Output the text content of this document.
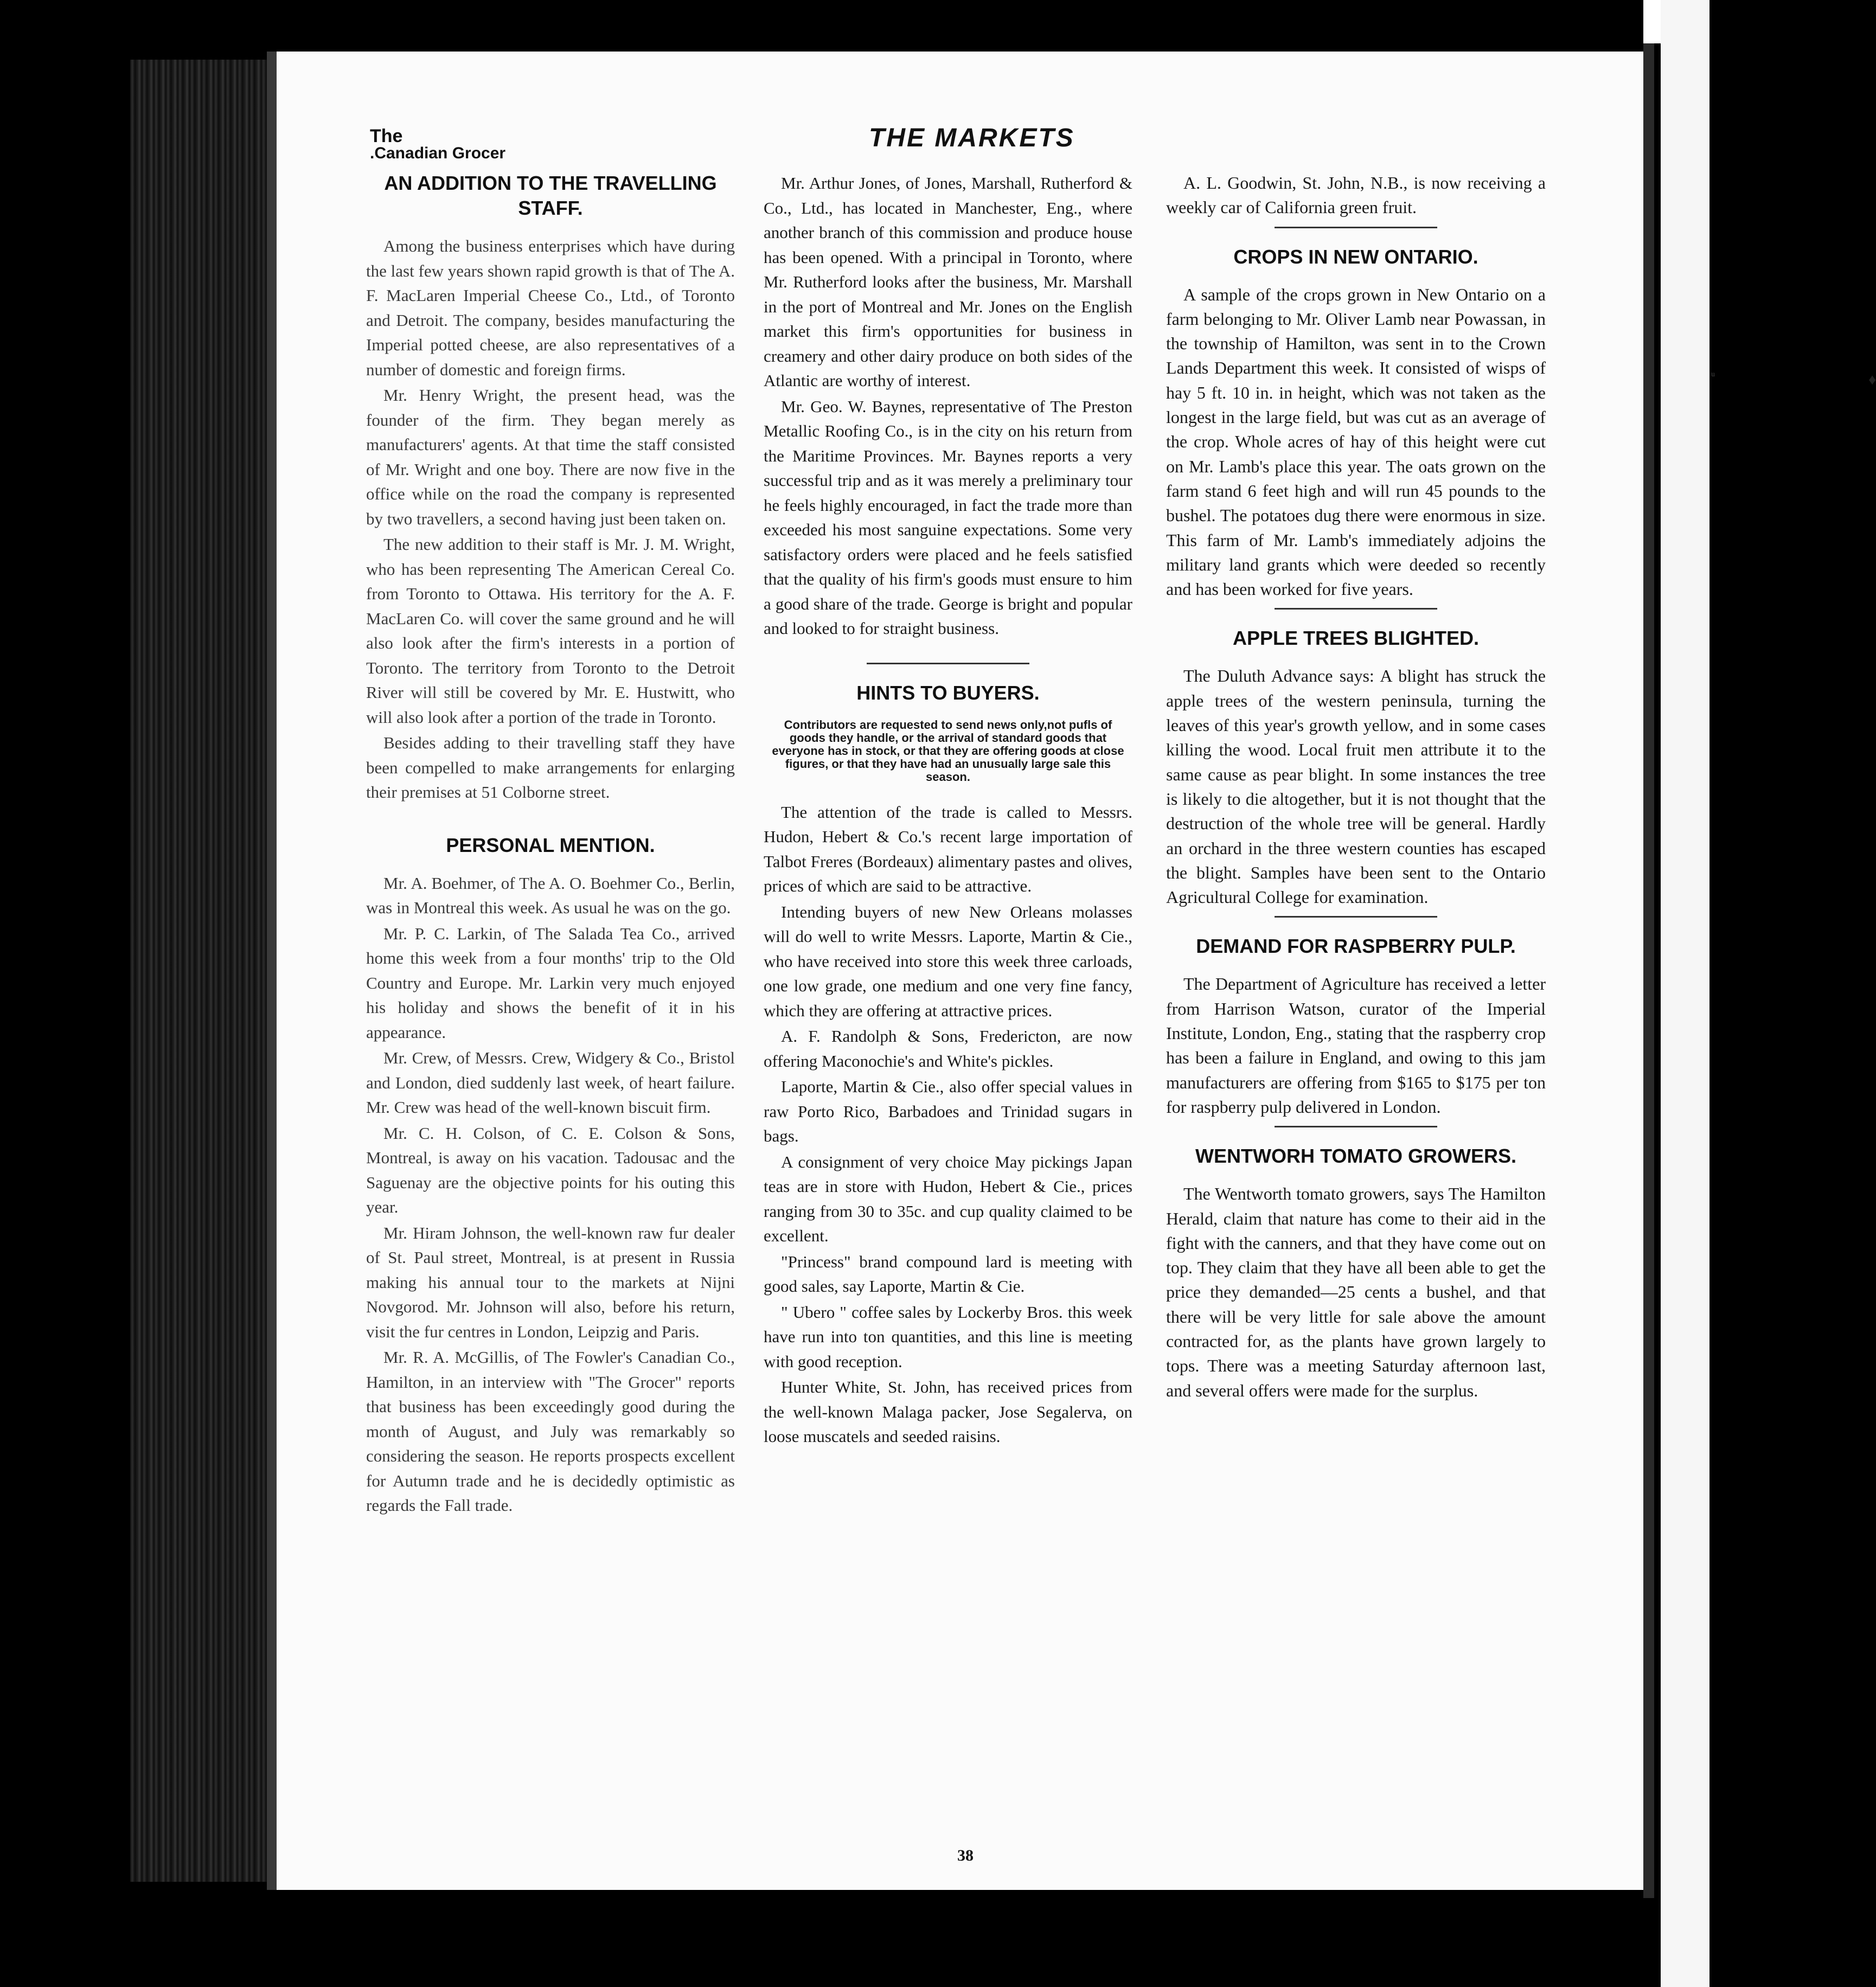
The
.Canadian Grocer
THE MARKETS
AN ADDITION TO THE TRAVELLING STAFF.

Among the business enterprises which have during the last few years shown rapid growth is that of The A. F. MacLaren Imperial Cheese Co., Ltd., of Toronto and Detroit. The company, besides manufacturing the Imperial potted cheese, are also representatives of a number of domestic and foreign firms.

Mr. Henry Wright, the present head, was the founder of the firm. They began merely as manufacturers' agents. At that time the staff consisted of Mr. Wright and one boy. There are now five in the office while on the road the company is represented by two travellers, a second having just been taken on.

The new addition to their staff is Mr. J. M. Wright, who has been representing The American Cereal Co. from Toronto to Ottawa. His territory for the A. F. MacLaren Co. will cover the same ground and he will also look after the firm's interests in a portion of Toronto. The territory from Toronto to the Detroit River will still be covered by Mr. E. Hustwitt, who will also look after a portion of the trade in Toronto.

Besides adding to their travelling staff they have been compelled to make arrangements for enlarging their premises at 51 Colborne street.

PERSONAL MENTION.

Mr. A. Boehmer, of The A. O. Boehmer Co., Berlin, was in Montreal this week. As usual he was on the go.

Mr. P. C. Larkin, of The Salada Tea Co., arrived home this week from a four months' trip to the Old Country and Europe. Mr. Larkin very much enjoyed his holiday and shows the benefit of it in his appearance.

Mr. Crew, of Messrs. Crew, Widgery & Co., Bristol and London, died suddenly last week, of heart failure. Mr. Crew was head of the well-known biscuit firm.

Mr. C. H. Colson, of C. E. Colson & Sons, Montreal, is away on his vacation. Tadousac and the Saguenay are the objective points for his outing this year.

Mr. Hiram Johnson, the well-known raw fur dealer of St. Paul street, Montreal, is at present in Russia making his annual tour to the markets at Nijni Novgorod. Mr. Johnson will also, before his return, visit the fur centres in London, Leipzig and Paris.

Mr. R. A. McGillis, of The Fowler's Canadian Co., Hamilton, in an interview with "The Grocer" reports that business has been exceedingly good during the month of August, and July was remarkably so considering the season. He reports prospects excellent for Autumn trade and he is decidedly optimistic as regards the Fall trade.

Mr. Arthur Jones, of Jones, Marshall, Rutherford & Co., Ltd., has located in Manchester, Eng., where another branch of this commission and produce house has been opened. With a principal in Toronto, where Mr. Rutherford looks after the business, Mr. Marshall in the port of Montreal and Mr. Jones on the English market this firm's opportunities for business in creamery and other dairy produce on both sides of the Atlantic are worthy of interest.

Mr. Geo. W. Baynes, representative of The Preston Metallic Roofing Co., is in the city on his return from the Maritime Provinces. Mr. Baynes reports a very successful trip and as it was merely a preliminary tour he feels highly encouraged, in fact the trade more than exceeded his most sanguine expectations. Some very satisfactory orders were placed and he feels satisfied that the quality of his firm's goods must ensure to him a good share of the trade. George is bright and popular and looked to for straight business.

HINTS TO BUYERS.
Contributors are requested to send news only,not pufls of goods they handle, or the arrival of standard goods that everyone has in stock, or that they are offering goods at close figures, or that they have had an unusually large sale this season.

The attention of the trade is called to Messrs. Hudon, Hebert & Co.'s recent large importation of Talbot Freres (Bordeaux) alimentary pastes and olives, prices of which are said to be attractive.

Intending buyers of new New Orleans molasses will do well to write Messrs. Laporte, Martin & Cie., who have received into store this week three carloads, one low grade, one medium and one very fine fancy, which they are offering at attractive prices.

A. F. Randolph & Sons, Fredericton, are now offering Maconochie's and White's pickles.

Laporte, Martin & Cie., also offer special values in raw Porto Rico, Barbadoes and Trinidad sugars in bags.

A consignment of very choice May pickings Japan teas are in store with Hudon, Hebert & Cie., prices ranging from 30 to 35c. and cup quality claimed to be excellent.

"Princess" brand compound lard is meeting with good sales, say Laporte, Martin & Cie.

" Ubero " coffee sales by Lockerby Bros. this week have run into ton quantities, and this line is meeting with good reception.

Hunter White, St. John, has received prices from the well-known Malaga packer, Jose Segalerva, on loose muscatels and seeded raisins.

A. L. Goodwin, St. John, N.B., is now receiving a weekly car of California green fruit.

CROPS IN NEW ONTARIO.

A sample of the crops grown in New Ontario on a farm belonging to Mr. Oliver Lamb near Powassan, in the township of Hamilton, was sent in to the Crown Lands Department this week. It consisted of wisps of hay 5 ft. 10 in. in height, which was not taken as the longest in the large field, but was cut as an average of the crop. Whole acres of hay of this height were cut on Mr. Lamb's place this year. The oats grown on the farm stand 6 feet high and will run 45 pounds to the bushel. The potatoes dug there were enormous in size. This farm of Mr. Lamb's immediately adjoins the military land grants which were deeded so recently and has been worked for five years.

APPLE TREES BLIGHTED.

The Duluth Advance says: A blight has struck the apple trees of the western peninsula, turning the leaves of this year's growth yellow, and in some cases killing the wood. Local fruit men attribute it to the same cause as pear blight. In some instances the tree is likely to die altogether, but it is not thought that the destruction of the whole tree will be general. Hardly an orchard in the three western counties has escaped the blight. Samples have been sent to the Ontario Agricultural College for examination.

DEMAND FOR RASPBERRY PULP.

The Department of Agriculture has received a letter from Harrison Watson, curator of the Imperial Institute, London, Eng., stating that the raspberry crop has been a failure in England, and owing to this jam manufacturers are offering from $165 to $175 per ton for raspberry pulp delivered in London.

WENTWORH TOMATO GROWERS.

The Wentworth tomato growers, says The Hamilton Herald, claim that nature has come to their aid in the fight with the canners, and that they have come out on top. They claim that they have all been able to get the price they demanded—25 cents a bushel, and that there will be very little for sale above the amount contracted for, as the plants have grown largely to tops. There was a meeting Saturday afternoon last, and several offers were made for the surplus.

38
♦
ᵘ
